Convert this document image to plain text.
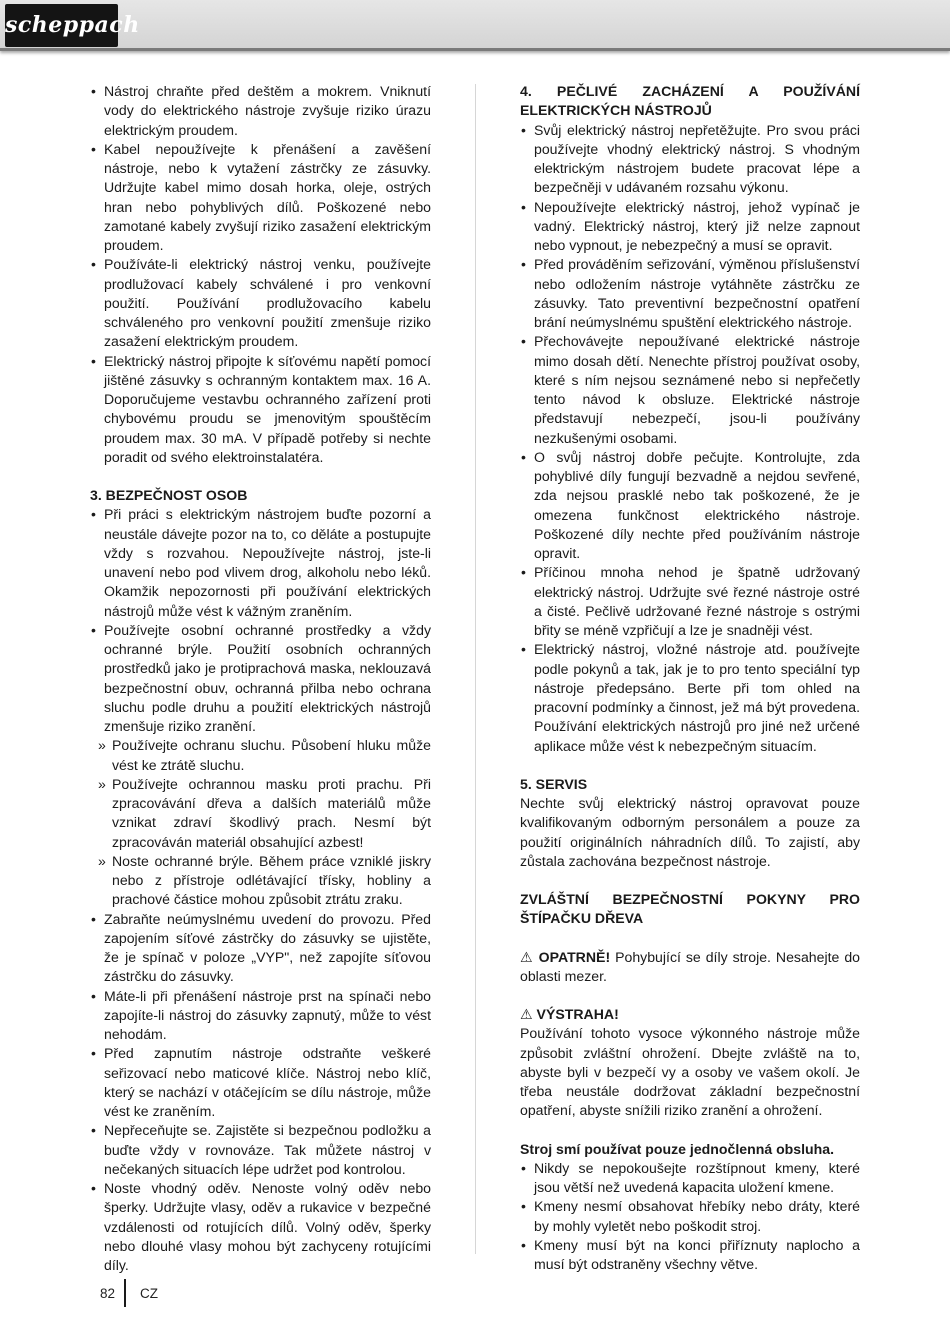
scheppach

• Nástroj chraňte před deštěm a mokrem. Vniknutí vody do elektrického nástroje zvyšuje riziko úrazu elektrickým proudem.

• Kabel nepoužívejte k přenášení a zavěšení nástroje, nebo k vytažení zástrčky ze zásuvky. Udržujte kabel mimo dosah horka, oleje, ostrých hran nebo pohyblivých dílů. Poškozené nebo zamotané kabely zvyšují riziko zasažení elektrickým proudem.

• Používáte-li elektrický nástroj venku, používejte prodlužovací kabely schválené i pro venkovní použití. Používání prodlužovacího kabelu schváleného pro venkovní použití zmenšuje riziko zasažení elektrickým proudem.

• Elektrický nástroj připojte k síťovému napětí pomocí jištěné zásuvky s ochranným kontaktem max. 16 A. Doporučujeme vestavbu ochranného zařízení proti chybovému proudu se jmenovitým spouštěcím proudem max. 30 mA. V případě potřeby si nechte poradit od svého elektroinstalatéra.

3. BEZPEČNOST OSOB

• Při práci s elektrickým nástrojem buďte pozorní a neustále dávejte pozor na to, co děláte a postupujte vždy s rozvahou. Nepoužívejte nástroj, jste-li unavení nebo pod vlivem drog, alkoholu nebo léků. Okamžik nepozornosti při používání elektrických nástrojů může vést k vážným zraněním.

• Používejte osobní ochranné prostředky a vždy ochranné brýle. Použití osobních ochranných prostředků jako je protiprachová maska, neklouzavá bezpečnostní obuv, ochranná přilba nebo ochrana sluchu podle druhu a použití elektrických nástrojů zmenšuje riziko zranění.

» Používejte ochranu sluchu. Působení hluku může vést ke ztrátě sluchu.

» Používejte ochrannou masku proti prachu. Při zpracovávání dřeva a dalších materiálů může vznikat zdraví škodlivý prach. Nesmí být zpracováván materiál obsahující azbest!

» Noste ochranné brýle. Během práce vzniklé jiskry nebo z přístroje odlétávající třísky, hobliny a prachové částice mohou způsobit ztrátu zraku.

• Zabraňte neúmyslnému uvedení do provozu. Před zapojením síťové zástrčky do zásuvky se ujistěte, že je spínač v poloze „VYP", než zapojíte síťovou zástrčku do zásuvky.

• Máte-li při přenášení nástroje prst na spínači nebo zapojíte-li nástroj do zásuvky zapnutý, může to vést nehodám.

• Před zapnutím nástroje odstraňte veškeré seřizovací nebo maticové klíče. Nástroj nebo klíč, který se nachází v otáčejícím se dílu nástroje, může vést ke zraněním.

• Nepřeceňujte se. Zajistěte si bezpečnou podložku a buďte vždy v rovnováze. Tak můžete nástroj v nečekaných situacích lépe udržet pod kontrolou.

• Noste vhodný oděv. Nenoste volný oděv nebo šperky. Udržujte vlasy, oděv a rukavice v bezpečné vzdálenosti od rotujících dílů. Volný oděv, šperky nebo dlouhé vlasy mohou být zachyceny rotujícími díly.

4. PEČLIVÉ ZACHÁZENÍ A POUŽÍVÁNÍ ELEKTRICKÝCH NÁSTROJŮ

• Svůj elektrický nástroj nepřetěžujte. Pro svou práci používejte vhodný elektrický nástroj. S vhodným elektrickým nástrojem budete pracovat lépe a bezpečněji v udávaném rozsahu výkonu.

• Nepoužívejte elektrický nástroj, jehož vypínač je vadný. Elektrický nástroj, který již nelze zapnout nebo vypnout, je nebezpečný a musí se opravit.

• Před prováděním seřizování, výměnou příslušenství nebo odložením nástroje vytáhněte zástrčku ze zásuvky. Tato preventivní bezpečnostní opatření brání neúmyslnému spuštění elektrického nástroje.

• Přechovávejte nepoužívané elektrické nástroje mimo dosah dětí. Nenechte přístroj používat osoby, které s ním nejsou seznámené nebo si nepřečetly tento návod k obsluze. Elektrické nástroje představují nebezpečí, jsou-li používány nezkušenými osobami.

• O svůj nástroj dobře pečujte. Kontrolujte, zda pohyblivé díly fungují bezvadně a nejdou sevřené, zda nejsou prasklé nebo tak poškozené, že je omezena funkčnost elektrického nástroje. Poškozené díly nechte před používáním nástroje opravit.

• Příčinou mnoha nehod je špatně udržovaný elektrický nástroj. Udržujte své řezné nástroje ostré a čisté. Pečlivě udržované řezné nástroje s ostrými břity se méně vzpřičují a lze je snadněji vést.

• Elektrický nástroj, vložné nástroje atd. používejte podle pokynů a tak, jak je to pro tento speciální typ nástroje předepsáno. Berte při tom ohled na pracovní podmínky a činnost, jež má být provedena. Používání elektrických nástrojů pro jiné než určené aplikace může vést k nebezpečným situacím.

5. SERVIS

Nechte svůj elektrický nástroj opravovat pouze kvalifikovaným odborným personálem a pouze za použití originálních náhradních dílů. To zajistí, aby zůstala zachována bezpečnost nástroje.

ZVLÁŠTNÍ BEZPEČNOSTNÍ POKYNY PRO ŠTÍPAČKU DŘEVA

⚠ OPATRNĚ! Pohybující se díly stroje. Nesahejte do oblasti mezer.

⚠ VÝSTRAHA!

Používání tohoto vysoce výkonného nástroje může způsobit zvláštní ohrožení. Dbejte zvláště na to, abyste byli v bezpečí vy a osoby ve vašem okolí. Je třeba neustále dodržovat základní bezpečnostní opatření, abyste snížili riziko zranění a ohrožení.

Stroj smí používat pouze jednočlenná obsluha.

• Nikdy se nepokoušejte rozštípnout kmeny, které jsou větší než uvedená kapacita uložení kmene.

• Kmeny nesmí obsahovat hřebíky nebo dráty, které by mohly vyletět nebo poškodit stroj.

• Kmeny musí být na konci přiříznuty naplocho a musí být odstraněny všechny větve.

82 CZ
